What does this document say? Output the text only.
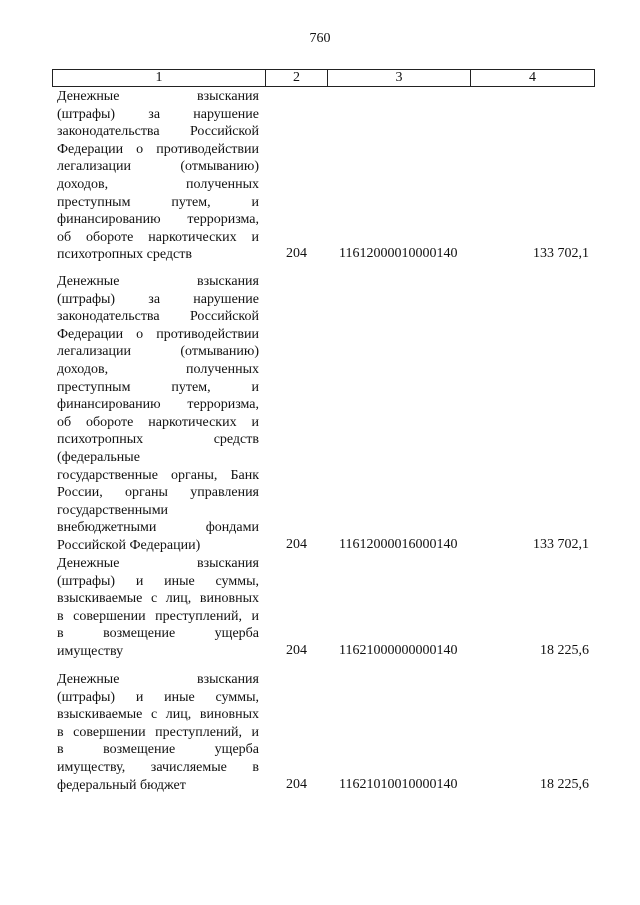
760
1	2	3	4
Денежные взыскания
(штрафы) за нарушение
законодательства Российской
Федерации о противодействии
легализации (отмыванию)
доходов, полученных
преступным путем, и
финансированию терроризма,
об обороте наркотических и
психотропных средств	204 11612000010000140	133 702,1
Денежные взыскания
(штрафы) за нарушение
законодательства Российской
Федерации о противодействии
легализации (отмыванию)
доходов, полученных
преступным путем, и
финансированию терроризма,
об обороте наркотических и
психотропных средств
(федеральные
государственные органы, Банк
России, органы управления
государственными
внебюджетными фондами
Российской Федерации)	204 11612000016000140	133 702,1
Денежные взыскания
(штрафы) и иные суммы,
взыскиваемые с лиц, виновных
в совершении преступлений, и
в возмещение ущерба
имуществу	204 11621000000000140	18 225,6
Денежные взыскания
(штрафы) и иные суммы,
взыскиваемые с лиц, виновных
в совершении преступлений, и
в возмещение ущерба
имуществу, зачисляемые в
федеральный бюджет	204 11621010010000140	18 225,6
